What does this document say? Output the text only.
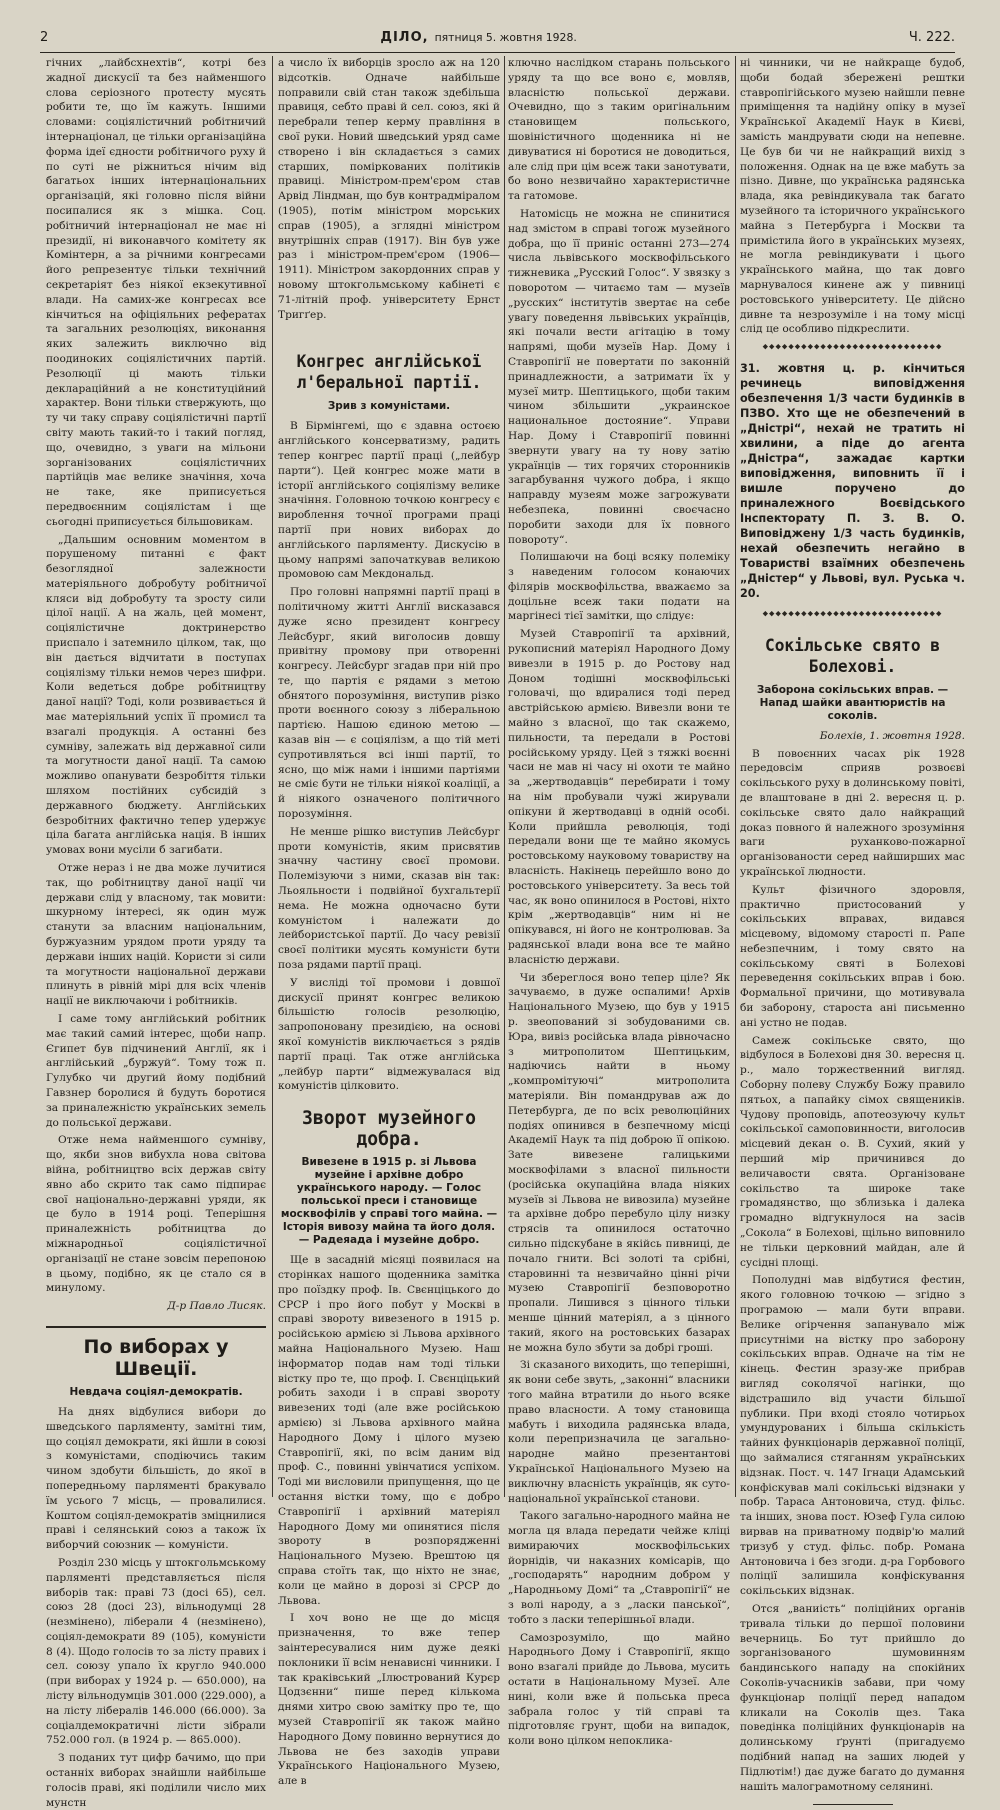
2	ДІЛО, пятниця 5. жовтня 1928.	Ч. 222.

гічних „лайбсхнехтів“, котрі без жадної дискусії та без найменшого слова серіозного протесту мусять робити те, що їм кажуть. Іншими словами: соціялістичний робітничий інтернаціонал, це тільки організаційна форма ідеї єдности робітничого руху й по суті не ріжниться нічим від багатьох інших інтернаціональних організацій, які головно після війни посипалися як з мішка. Соц. робітничий інтернаціонал не має ні президії, ні виконавчого комітету як Комінтерн, а за річними конгресами його репрезентує тільки технічний секретаріят без ніякої екзекутивної влади. На самих-же конгресах все кінчиться на офіціяльних рефератах та загальних резолюціях, виконання яких залежить виключно від поодиноких соціялістичних партій. Резолюції ці мають тільки деклараційний а не конституційний характер. Вони тільки ствержують, що ту чи таку справу соціялістичні партії світу мають такий-то і такий погляд, що, очевидно, з уваги на мільони зорганізованих соціялістичних партійців має велике значіння, хоча не таке, яке приписується передвоєнним соціялістам і ще сьогодні приписується більшовикам.

„Дальшим основним моментом в порушеному питанні є факт безоглядної залежности матеріяльного добробуту робітничої кляси від добробуту та зросту сили цілої нації. А на жаль, цей момент, соціялістичне доктринерство приспало і затемнило цілком, так, що він дається відчитати в поступах соціялізму тільки немов через шифри. Коли ведеться добре робітництву даної нації? Тоді, коли розвивається й має матеріяльний успіх її промисл та взагалі продукція. А останні без сумніву, залежать від державної сили та могутности даної нації. Та самою можливо опанувати безробіття тільки шляхом постійних субсидій з державного бюджету. Англійських безробітних фактично тепер удержує ціла багата англійська нація. В інших умовах вони мусіли б загибати.

Отже нераз і не два може лучитися так, що робітництву даної нації чи держави слід у власному, так мовити: шкурному інтересі, як один муж станути за власним національним, буржуазним урядом проти уряду та держави інших націй. Користи зі сили та могутности національної держави плинуть в рівній мірі для всіх членів нації не виключаючи і робітників.

І саме тому англійський робітник має такий самий інтерес, щоби напр. Єгипет був підчинений Англії, як і англійський „буржуй“. Тому тож п. Гулубко чи другий йому подібний Гавзнер боролися й будуть боротися за приналежністю українських земель до польської держави.

Отже нема найменшого сумніву, що, якби знов вибухла нова світова війна, робітництво всіх держав світу явно або скрито так само підпирає свої національно-державні уряди, як це було в 1914 році. Теперішня приналежність робітництва до міжнародньої соціялістичної організації не стане зовсім перепоною в цьому, подібно, як це стало ся в минулому.

Д-р Павло Лисяк.
По виборах у Швеції.
Невдача соціял-демократів.

На днях відбулися вибори до шведського парляменту, замітні тим, що соціял демократи, які йшли в союзі з комуністами, сподіючись таким чином здобути більшість, до якої в попередньому парляменті бракувало їм усього 7 місць, — провалилися. Коштом соціял-демократів зміцнилися праві і селянський союз а також їх виборчий союзник — комуністи.

Розділ 230 місць у штокгольмському парляменті представляється після виборів так: праві 73 (досі 65), сел. союз 28 (досі 23), вільнодумці 28 (незмінено), ліберали 4 (незмінено), соціял-демократи 89 (105), комуністи 8 (4). Щодо голосів то за лісту правих і сел. союзу упало їх кругло 940.000 (при виборах у 1924 р. — 650.000), на лісту вільнодумців 301.000 (229.000), а на лісту лібералів 146.000 (66.000). За соціалдемократичні лісти зібрали 752.000 гол. (в 1924 р. — 865.000).

З поданих тут цифр бачимо, що при останніх виборах знайшли найбільше голосів праві, які поділили число мих мунстн

а число їх виборців зросло аж на 120 відсотків. Одначе найбільше поправили свій стан також здебільша правиця, себто праві й сел. союз, які й перебрали тепер керму правління в свої руки. Новий шведський уряд саме створено і він складається з самих старших, поміркованих політиків правиці. Міністром-прем'єром став Арвід Ліндман, що був контрадміралом (1905), потім міністром морських справ (1905), а зглядні міністром внутрішніх справ (1917). Він був уже раз і міністром-прем'єром (1906—1911). Міністром закордонних справ у новому штокгольмському кабінеті є 71-літній проф. університету Ернст Тригґер.

Конгрес англійської л'беральної партії.
Зрив з комуністами.

В Бірмінгемі, що є здавна остоєю англійського консерватизму, радить тепер конгрес партії праці („лейбур парти“). Цей конгрес може мати в історії англійського соціялізму велике значіння. Головною точкою конгресу є вироблення точної програми праці партії при нових виборах до англійського парляменту. Дискусію в цьому напрямі започаткував великою промовою сам Мекдональд.

Про головні напрямні партії праці в політичному житті Англії висказався дуже ясно президент конгресу Лейсбург, який виголосив довшу привітну промову при отворенні конгресу. Лейсбург згадав при ній про те, що партія є рядами з метою обнятого порозуміння, виступив різко проти воєнного союзу з ліберальною партією. Нашою єдиною метою — казав він — є соціялізм, а що тій меті супротивляться всі інші партії, то ясно, що між нами і іншими партіями не сміє бути не тільки ніякої коаліції, а й ніякого означеного політичного порозуміння.

Не менше рішко виступив Лейсбург проти комуністів, яким присвятив значну частину своєї промови. Полемізуючи з ними, сказав він так: Льояльности і подвійної бухгальтерії нема. Не можна одночасно бути комуністом і належати до лейбористської партії. До часу ревізії своєї політики мусять комуністи бути поза рядами партії праці.

У висліді тої промови і довшої дискусії принят конгрес великою більшістю голосів резолюцію, запропоновану президією, на основі якої комуністів виключається з рядів партії праці. Так отже англійська „лейбур парти“ відмежувалася від комуністів цілковито.

Зворот музейного добра.
Вивезене в 1915 р. зі Львова музейне і архівне добро українського народу. — Голос польської преси і становище москвофілів у справі того майна. — Історія вивозу майна та його доля. — Радеяада і музейне добро.

Ще в засадній місяці появилася на сторінках нашого щоденника замітка про поїздку проф. Ів. Свєнціцького до СРСР і про його побут у Москві в справі звороту вивезеного в 1915 р. російською армією зі Львова архівного майна Національного Музею. Наш інформатор подав нам тоді тільки вістку про те, що проф. І. Свєнціцький робить заходи і в справі звороту вивезених тоді (але вже російською армією) зі Львова архівного майна Народного Дому і цілого музею Ставропігії, які, по всім даним від проф. С., повинні увінчатися успіхом. Тоді ми висловили припущення, що це остання вістки тому, що є добро Ставропігії і архівний матеріял Народного Дому ми опинятися після звороту в розпорядженні Національного Музею. Врештою ця справа стоїть так, що ніхто не знає, коли це майно в дорозі зі СРСР до Львова.

І хоч воно не ще до місця призначення, то вже тепер заінтересувалися ним дуже деякі поклоники її всім ненависні чинники. І так краківський „Ілюстрований Курєр Цодзєнни“ пише перед кількома днями хитро свою замітку про те, що музей Ставропігії як також майно Народного Дому повинно вернутися до Львова не без заходів управи Українського Національного Музею, але в

ключно наслідком старань польського уряду та що все воно є, мовляв, власністю польської держави. Очевидно, що з таким оригінальним становищем польського, шовіністичного щоденника ні не дивуватися ні боротися не доводиться, але слід при цім всеж таки занотувати, бо воно незвичайно характеристичне та гатомове.

Натомісць не можна не спинитися над змістом в справі тогож музейного добра, що її приніс останні 273—274 числа львівського москвофільського тижневика „Русский Голос“. У звязку з поворотом — читаємо там — музеїв „русских“ інститутів звертає на себе увагу поведення львівських українців, які почали вести агітацію в тому напрямі, щоби музеїв Нар. Дому і Ставропігії не повертати по законній принадлежности, а затримати їх у музеї митр. Шептицького, щоби таким чином збільшити „украинское национальное достояние“. Управи Нар. Дому і Ставропігії повинні звернути увагу на ту нову затію українців — тих горячих сторонників загарбування чужого добра, і якщо направду музеям може загрожувати небезпека, повинні своєчасно поробити заходи для їх повного повороту“.

Полишаючи на боці всяку полеміку з наведеним голосом конаючих філярів москвофільства, вважаємо за доцільне всеж таки подати на маргінесі тієї замітки, що слідує:

Музей Ставропігії та архівний, рукописний матеріял Народного Дому вивезли в 1915 р. до Ростову над Доном тодішні москвофільські головачі, що вдиралися тоді перед австрійською армією. Вивезли вони те майно з власної, що так скажемо, пильности, та передали в Ростові російському уряду. Цей з тяжкі воєнні часи не мав ні часу ні охоти те майно за „жертводавців“ перебирати і тому на нім пробували чужі жирували опікуни й жертводавці в одній особі. Коли прийшла революція, тоді передали вони ще те майно якомусь ростовському науковому товариству на власність. Накінець перейшло воно до ростовського університету. За весь той час, як воно опинилося в Ростові, ніхто крім „жертводавців“ ним ні не опікувався, ні його не контролював. За радянської влади вона все те майно власністю держави.

Чи збереглося воно тепер ціле? Як зачуваємо, в дуже оспалими! Архів Національного Музею, що був у 1915 р. звеопований зі зобудованими св. Юра, вивіз російська влада рівночасно з митрополитом Шептицьким, надіючись найти в ньому „компромітуючі“ митрополита матеріяли. Він помандрував аж до Петербурга, де по всіх революційних подіях опинився в безпечному місці Академії Наук та під доброю її опікою. Зате вивезене галицькими москвофілами з власної пильности (російська окупаційна влада ніяких музеїв зі Львова не вивозила) музейне та архівне добро перебуло цілу низку стрясів та опинилося остаточно сильно підскубане в якійсь пивниці, де почало гнити. Всі золоті та срібні, старовинні та незвичайно цінні річи музею Ставропігії безповоротно пропали. Лишився з цінного тільки менше цінний матеріял, а з цінного такий, якого на ростовських базарах не можна було збути за добрі гроші.

Зі сказаного виходить, що теперішні, як вони себе звуть, „законні“ власники того майна втратили до нього всяке право власности. А тому становища мабуть і виходила радянська влада, коли перепризначила це загально-народне майно презентантові Української Національного Музею на виключну власність українців, як суто-національної української станови.

Такого загально-народного майна не могла ця влада передати чейже кліці вимираючих москвофільських йорнідів, чи наказних комісарів, що „господарять“ народним добром у „Народньому Домі“ та „Ставропігії“ не з волі народу, а з „ласки панської“, тобто з ласки теперішньої влади.

Самозрозуміло, що майно Народнього Дому і Ставропігії, якщо воно взагалі прийде до Львова, мусить остати в Національному Музеї. Але нині, коли вже й польська преса забрала голос у тій справі та підготовляє грунт, щоби на випадок, коли воно цілком непоклика-

ні чинники, чи не найкраще будоб, щоби бодай збережені рештки ставропігійського музею найшли певне приміщення та надійну опіку в музеї Української Академії Наук в Києві, замість мандрувати сюди на непевне. Це був би чи не найкращий вихід з положення. Однак на це вже мабуть за пізно. Дивне, що українська радянська влада, яка ревіндикувала так багато музейного та історичного українського майна з Петербурга і Москви та примістила його в українських музеях, не могла ревіндикувати і цього українського майна, що так довго марнувалося кинене аж у пивниці ростовського університету. Це дійсно дивне та незрозуміле і на тому місці слід це особливо підкреслити.

◆◆◆◆◆◆◆◆◆◆◆◆◆◆◆◆◆◆◆◆◆◆◆◆◆◆◆◆
31. жовтня ц. р. кінчиться речинець виповідження обезпечення 1/3 части будинків в ПЗВО. Хто ще не обезпечений в „Дністрі“, нехай не тратить ні хвилини, а піде до агента „Дністра“, зажадає картки виповідження, виповнить її і вишле поручено до приналежного Воєвідського Інспекторату П. З. В. О. Виповіджену 1/3 часть будинків, нехай обезпечить негайно в Товаристві взаїмних обезпечень „Дністер“ у Львові, вул. Руська ч. 20.
◆◆◆◆◆◆◆◆◆◆◆◆◆◆◆◆◆◆◆◆◆◆◆◆◆◆◆◆
Сокільське свято в Болехові.
Заборона сокільських вправ. — Напад шайки авантюристів на соколів.
Болехів, 1. жовтня 1928.

В повоєнних часах рік 1928 передовсім сприяв розвоєві сокільського руху в долинському повіті, де влаштоване в дні 2. вересня ц. р. сокільське свято дало найкращий доказ повного й належного зрозуміння ваги руханково-пожарної організованости серед найширших мас української людности.

Культ фізичного здоровля, практично пристосований у сокільських вправах, видався місцевому, відомому старості п. Рапе небезпечним, і тому свято на сокільському святі в Болехові переведення сокільських вправ і бою. Формальної причини, що мотивувала би заборону, староста ані письменно ані устно не подав.

Самеж сокільське свято, що відбулося в Болехові дня 30. вересня ц. р., мало торжественний вигляд. Соборну полеву Службу Божу правило пятьох, а папайку сімох священиків. Чудову проповідь, апотеозуючу культ сокільської самоповинности, виголосив місцевий декан о. В. Сухий, який у перший мір причинився до величавости свята. Організоване сокільство та широке таке громадянство, що зблизька і далека громадно відгукнулося на засів „Сокола“ в Болехові, щільно виповнило не тільки церковний майдан, але й сусідні площі.

Пополудні мав відбутися фестин, якого головною точкою — згідно з програмою — мали бути вправи. Велике огірчення запанувало між присутніми на вістку про заборону сокільських вправ. Одначе на тім не кінець. Фестин зразу-же прибрав вигляд соколячої нагінки, що відстрашило від участи більшої публики. При вході стояло чотирьох умундурованих і більша скількість тайних функціонарів державної поліції, що займалися стяганням українських відзнак. Пост. ч. 147 Ігнаци Адамський конфіскував малі сокільські відзнаки у побр. Тараса Антоновича, студ. фільс. та інших, знова пост. Юзеф Гула силою вирвав на приватному подвір'ю малий тризуб у студ. фільс. побр. Романа Антоновича і без згоди. д-ра Горбового поліції залишила конфіскування сокільських відзнак.

Отся „ваниість“ поліційних органів тривала тільки до першої половини вечерниць. Бо тут прийшло до зорганізованого шумовинням бандинського нападу на спокійних Соколів-учасників забави, при чому функціонар поліції перед нападом кликали на Соколів щез. Така поведінка поліційних функціонарів на долинському ґрунті (пригадуємо подібний напад на заших людей у Підлютім!) дає дуже багато до думання нашіть малограмотному селянині.
